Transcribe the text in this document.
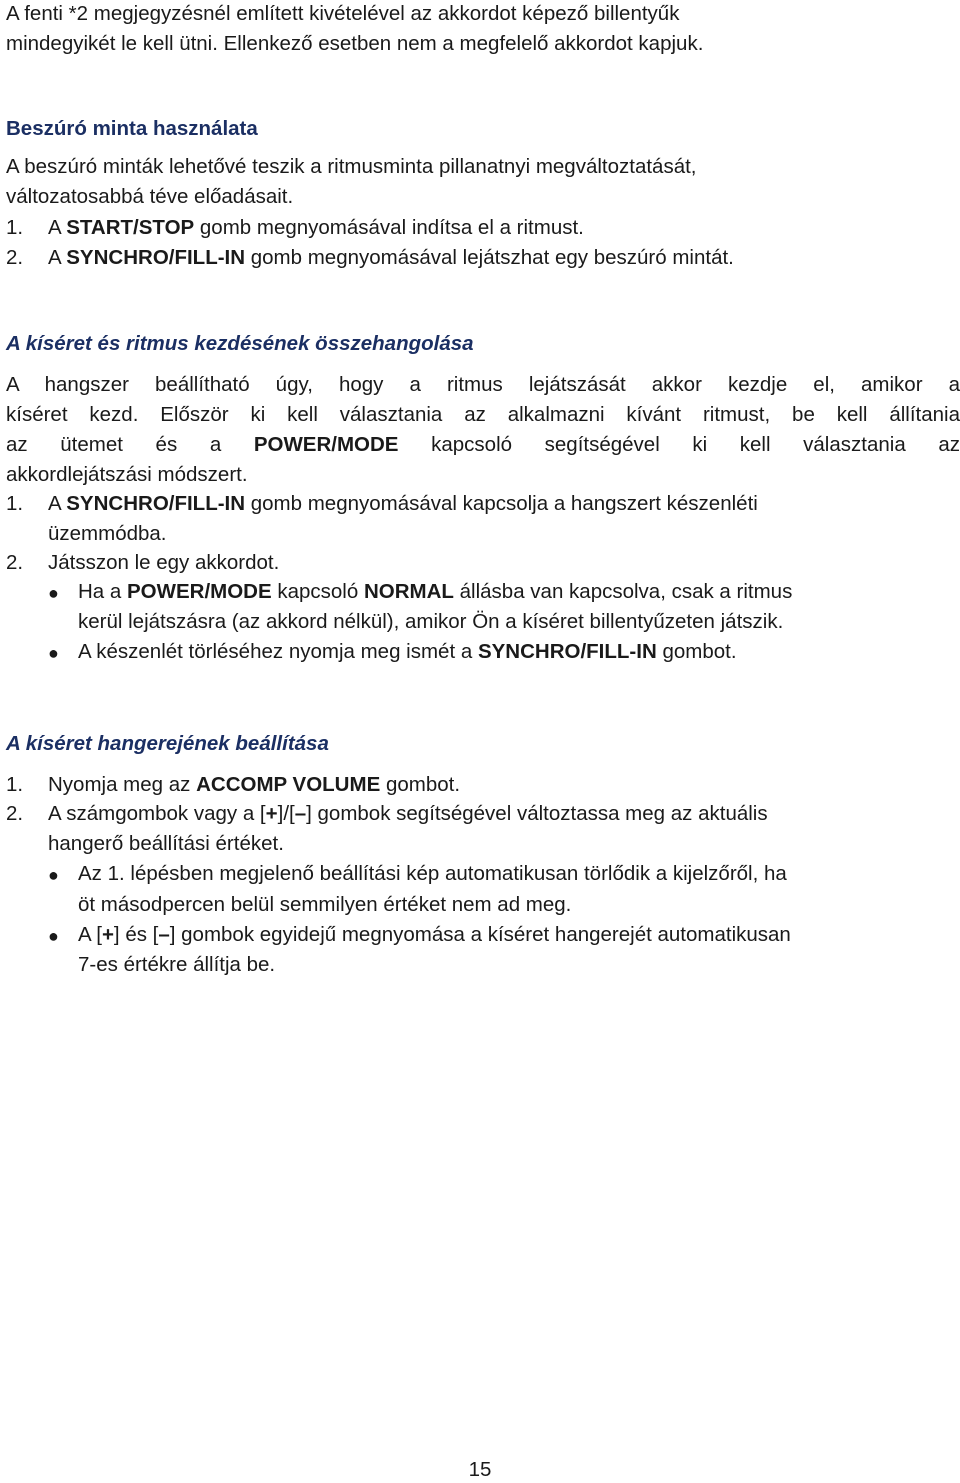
A fenti *2 megjegyzésnél említett kivételével az akkordot képező billentyűk
mindegyikét le kell ütni. Ellenkező esetben nem a megfelelő akkordot kapjuk.
Beszúró minta használata
A beszúró minták lehetővé teszik a ritmusminta pillanatnyi megváltoztatását,
változatosabbá téve előadásait.
1. A START/STOP gomb megnyomásával indítsa el a ritmust.
2. A SYNCHRO/FILL-IN gomb megnyomásával lejátszhat egy beszúró mintát.
A kíséret és ritmus kezdésének összehangolása
A hangszer beállítható úgy, hogy a ritmus lejátszását akkor kezdje el, amikor a
kíséret kezd. Először ki kell választania az alkalmazni kívánt ritmust, be kell állítania
az ütemet és a POWER/MODE kapcsoló segítségével ki kell választania az
akkordlejátszási módszert.
1. A SYNCHRO/FILL-IN gomb megnyomásával kapcsolja a hangszert készenléti
üzemmódba.
2. Játsszon le egy akkordot.
● Ha a POWER/MODE kapcsoló NORMAL állásba van kapcsolva, csak a ritmus
kerül lejátszásra (az akkord nélkül), amikor Ön a kíséret billentyűzeten játszik.
● A készenlét törléséhez nyomja meg ismét a SYNCHRO/FILL-IN gombot.
A kíséret hangerejének beállítása
1. Nyomja meg az ACCOMP VOLUME gombot.
2. A számgombok vagy a [+]/[–] gombok segítségével változtassa meg az aktuális
hangerő beállítási értéket.
● Az 1. lépésben megjelenő beállítási kép automatikusan törlődik a kijelzőről, ha
öt másodpercen belül semmilyen értéket nem ad meg.
● A [+] és [–] gombok egyidejű megnyomása a kíséret hangerejét automatikusan
7-es értékre állítja be.
15
